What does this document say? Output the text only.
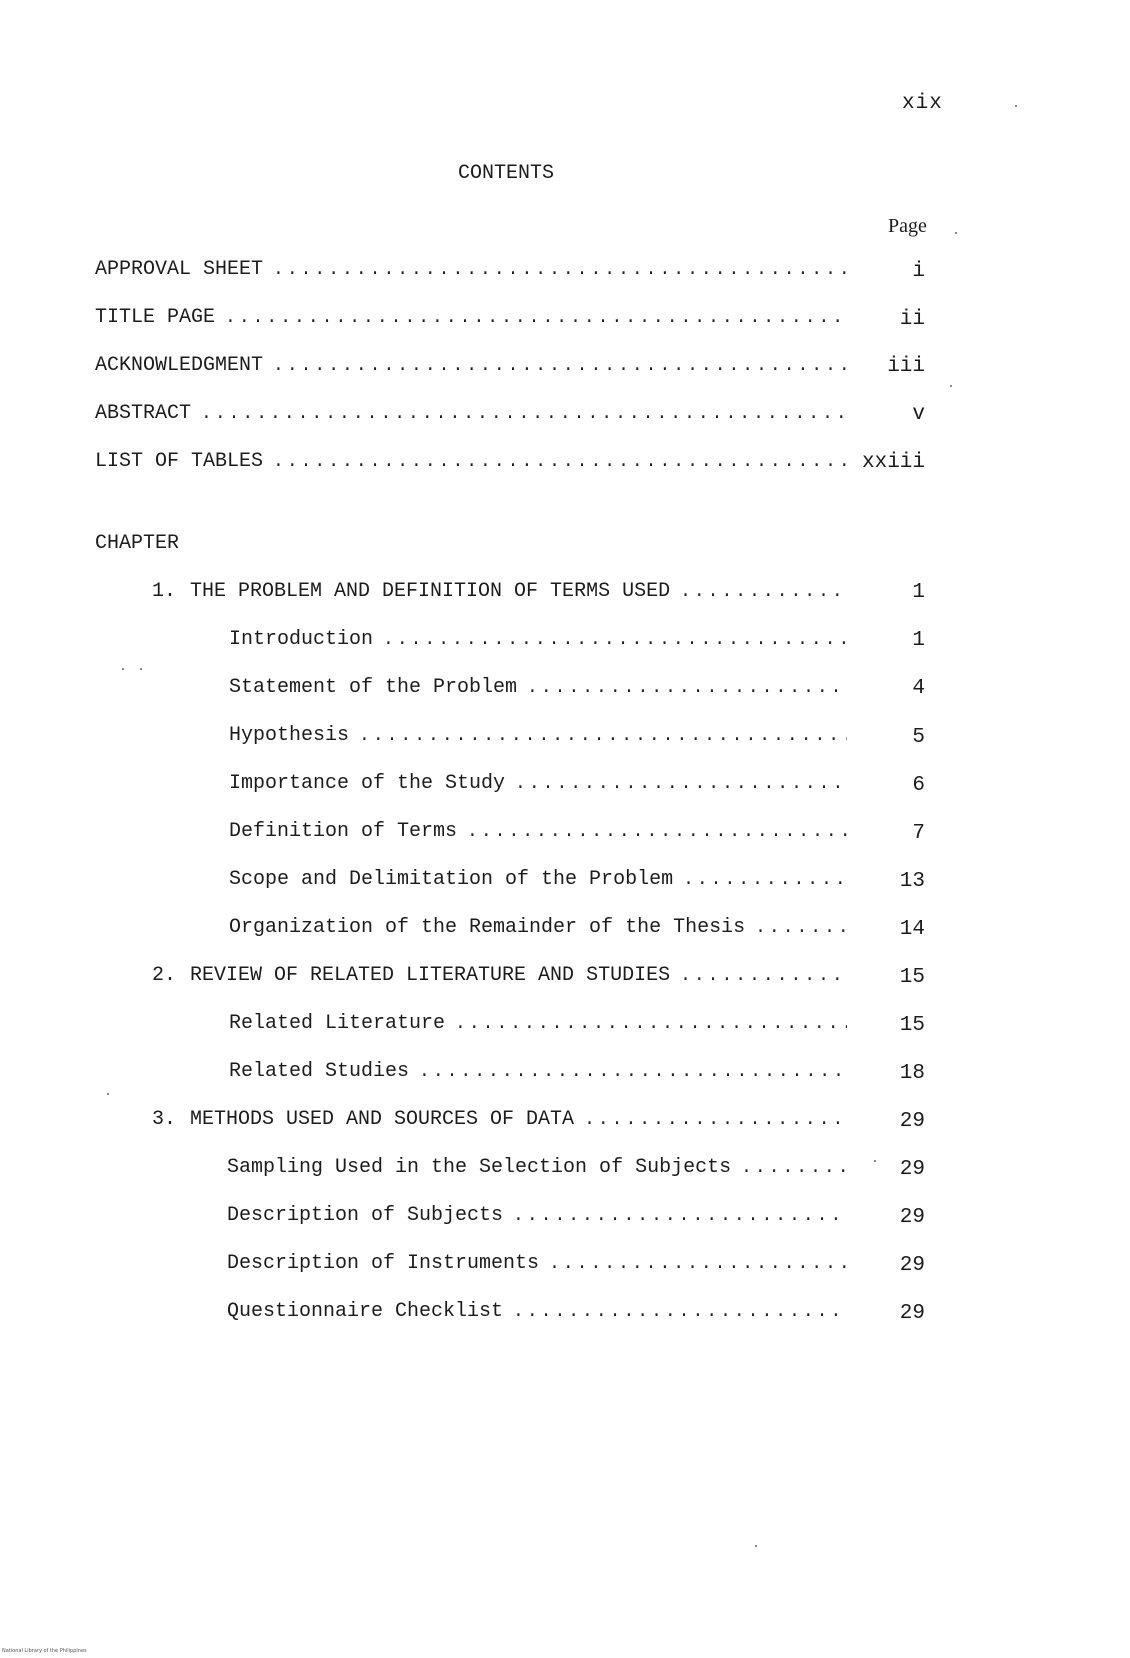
xix
CONTENTS
Page
APPROVAL SHEET .....	i
TITLE PAGE .....	ii
ACKNOWLEDGMENT .....	iii
ABSTRACT .....	v
LIST OF TABLES .....	xxiii
CHAPTER
1. THE PROBLEM AND DEFINITION OF TERMS USED .....	1
Introduction .....	1
Statement of the Problem .....	4
Hypothesis .....	5
Importance of the Study .....	6
Definition of Terms .....	7
Scope and Delimitation of the Problem .....	13
Organization of the Remainder of the Thesis .....	14
2. REVIEW OF RELATED LITERATURE AND STUDIES .....	15
Related Literature .....	15
Related Studies .....	18
3. METHODS USED AND SOURCES OF DATA .....	29
Sampling Used in the Selection of Subjects .....	29
Description of Subjects .....	29
Description of Instruments .....	29
Questionnaire Checklist .....	29
National Library of the Philippines
